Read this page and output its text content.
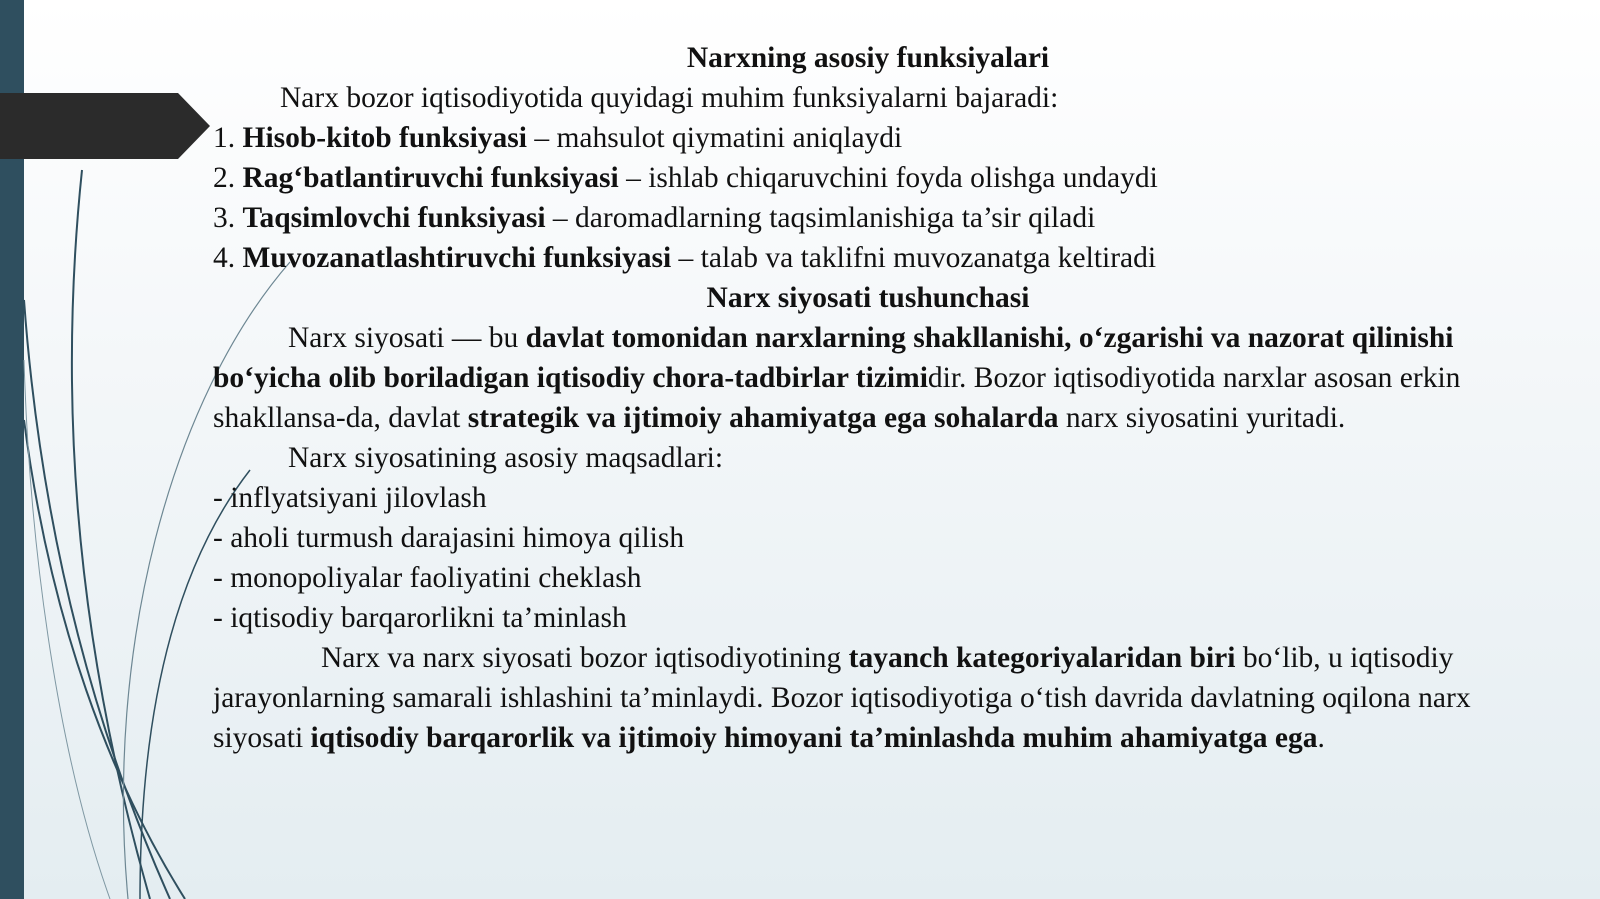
Narxning asosiy funksiyalari

Narx bozor iqtisodiyotida quyidagi muhim funksiyalarni bajaradi:

1. Hisob-kitob funksiyasi – mahsulot qiymatini aniqlaydi

2. Rag‘batlantiruvchi funksiyasi – ishlab chiqaruvchini foyda olishga undaydi

3. Taqsimlovchi funksiyasi – daromadlarning taqsimlanishiga ta’sir qiladi

4. Muvozanatlashtiruvchi funksiyasi – talab va taklifni muvozanatga keltiradi

Narx siyosati tushunchasi

Narx siyosati — bu davlat tomonidan narxlarning shakllanishi, o‘zgarishi va nazorat qilinishi bo‘yicha olib boriladigan iqtisodiy chora-tadbirlar tizimidir. Bozor iqtisodiyotida narxlar asosan erkin shakllansa-da, davlat strategik va ijtimoiy ahamiyatga ega sohalarda narx siyosatini yuritadi.

Narx siyosatining asosiy maqsadlari:

- inflyatsiyani jilovlash

- aholi turmush darajasini himoya qilish

- monopoliyalar faoliyatini cheklash

- iqtisodiy barqarorlikni ta’minlash

Narx va narx siyosati bozor iqtisodiyotining tayanch kategoriyalaridan biri bo‘lib, u iqtisodiy jarayonlarning samarali ishlashini ta’minlaydi. Bozor iqtisodiyotiga o‘tish davrida davlatning oqilona narx siyosati iqtisodiy barqarorlik va ijtimoiy himoyani ta’minlashda muhim ahamiyatga ega.
